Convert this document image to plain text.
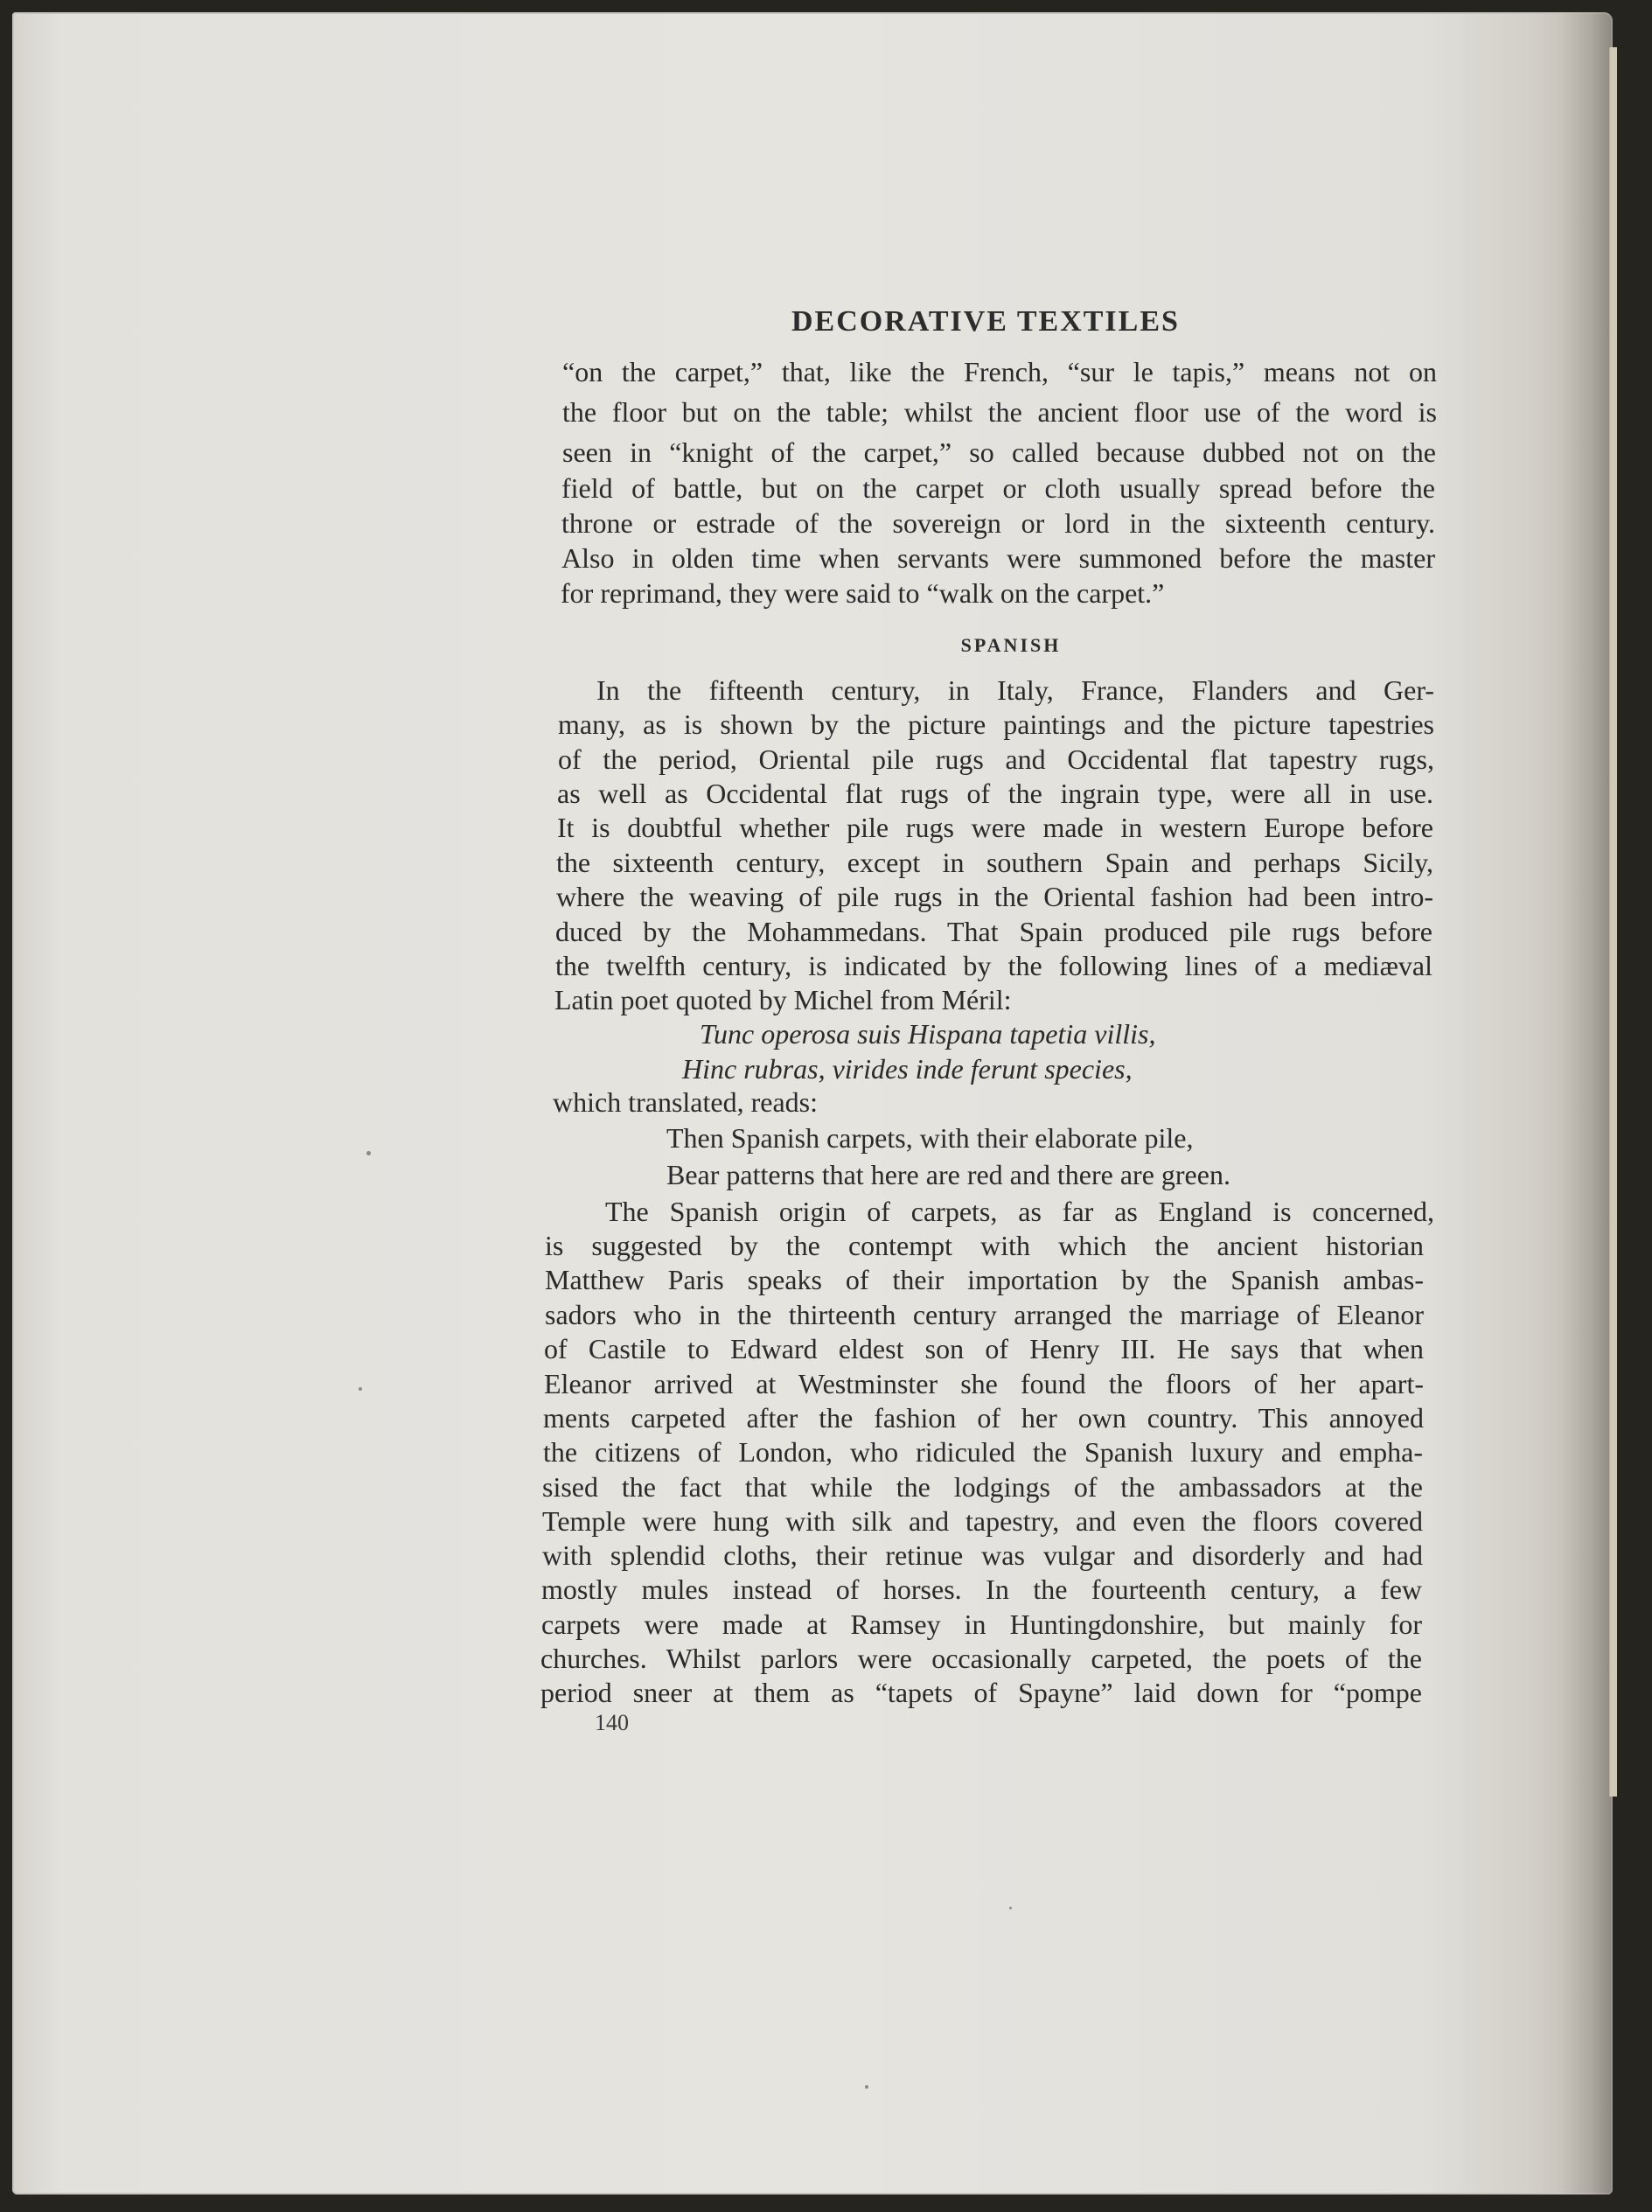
DECORATIVE TEXTILES

“on the carpet,” that, like the French, “sur le tapis,” means not on

the floor but on the table; whilst the ancient floor use of the word is

seen in “knight of the carpet,” so called because dubbed not on the

field of battle, but on the carpet or cloth usually spread before the

throne or estrade of the sovereign or lord in the sixteenth century.

Also in olden time when servants were summoned before the master

for reprimand, they were said to “walk on the carpet.”

SPANISH

In the fifteenth century, in Italy, France, Flanders and Ger-

many, as is shown by the picture paintings and the picture tapestries

of the period, Oriental pile rugs and Occidental flat tapestry rugs,

as well as Occidental flat rugs of the ingrain type, were all in use.

It is doubtful whether pile rugs were made in western Europe before

the sixteenth century, except in southern Spain and perhaps Sicily,

where the weaving of pile rugs in the Oriental fashion had been intro-

duced by the Mohammedans. That Spain produced pile rugs before

the twelfth century, is indicated by the following lines of a mediæval

Latin poet quoted by Michel from Méril:

Tunc operosa suis Hispana tapetia villis,

Hinc rubras, virides inde ferunt species,

which translated, reads:

Then Spanish carpets, with their elaborate pile,

Bear patterns that here are red and there are green.

The Spanish origin of carpets, as far as England is concerned,

is suggested by the contempt with which the ancient historian

Matthew Paris speaks of their importation by the Spanish ambas-

sadors who in the thirteenth century arranged the marriage of Eleanor

of Castile to Edward eldest son of Henry III. He says that when

Eleanor arrived at Westminster she found the floors of her apart-

ments carpeted after the fashion of her own country. This annoyed

the citizens of London, who ridiculed the Spanish luxury and empha-

sised the fact that while the lodgings of the ambassadors at the

Temple were hung with silk and tapestry, and even the floors covered

with splendid cloths, their retinue was vulgar and disorderly and had

mostly mules instead of horses. In the fourteenth century, a few

carpets were made at Ramsey in Huntingdonshire, but mainly for

churches. Whilst parlors were occasionally carpeted, the poets of the

period sneer at them as “tapets of Spayne” laid down for “pompe

140
